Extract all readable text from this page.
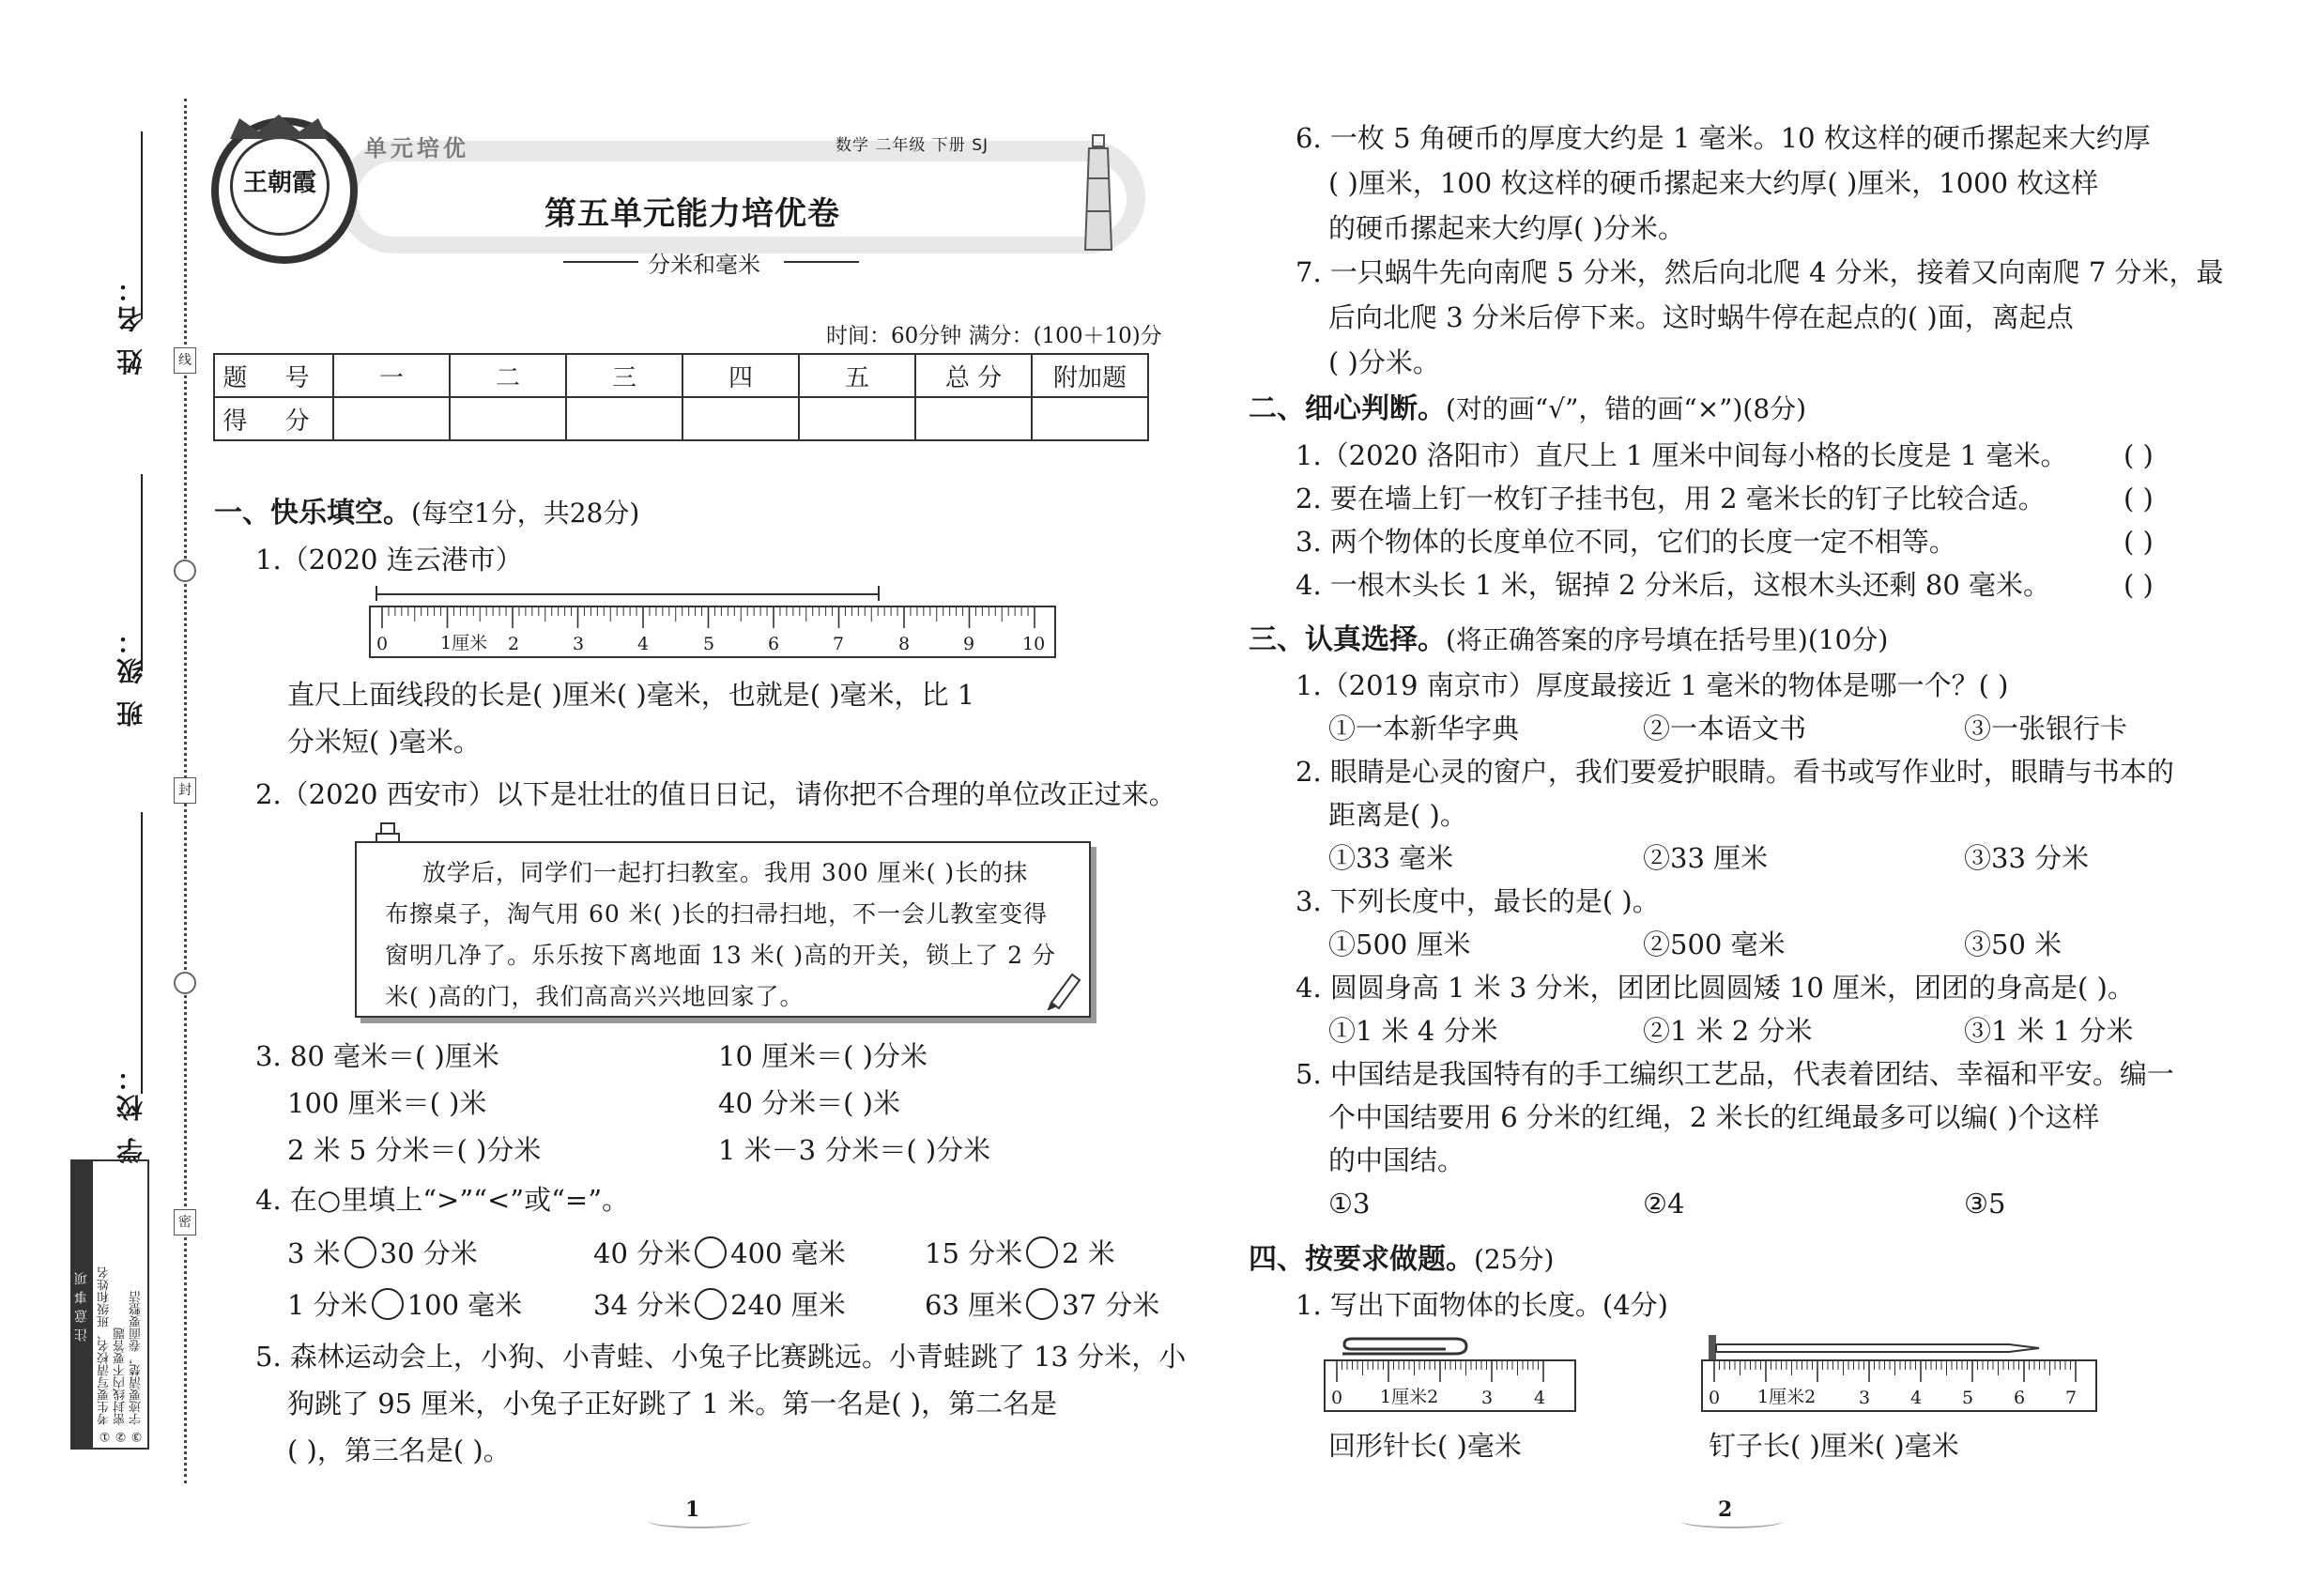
姓 名：
班 级：
学 校：
线
封
密
注意事项 ① 考生要写清校名、班级和姓名 ② 密封线内不要答题 ③ 字迹要清楚，卷面要整洁
王朝霞
单元培优	数学 二年级 下册 SJ
第五单元能力培优卷
分米和毫米
时间：60分钟 满分：(100＋10)分
题 号	一	二	三	四	五	总 分	附加题
得 分							
一、快乐填空。(每空1分，共28分)
1.（2020 连云港市）
0	1厘米 2	3	4	5	6	7	8	9	10
直尺上面线段的长是( )厘米( )毫米，也就是( )毫米，比 1
分米短( )毫米。
2.（2020 西安市）以下是壮壮的值日日记，请你把不合理的单位改正过来。
放学后，同学们一起打扫教室。我用 300 厘米( )长的抹
布擦桌子，淘气用 60 米( )长的扫帚扫地，不一会儿教室变得
窗明几净了。乐乐按下离地面 13 米( )高的开关，锁上了 2 分
米( )高的门，我们高高兴兴地回家了。
3. 80 毫米＝( )厘米	10 厘米＝( )分米
100 厘米＝( )米	40 分米＝( )米
2 米 5 分米＝( )分米	1 米－3 分米＝( )分米
4. 在○里填上“>”“<”或“=”。
3 米 30 分米	40 分米 400 毫米	15 分米 2 米
1 分米 100 毫米	34 分米 240 厘米	63 厘米 37 分米
5. 森林运动会上，小狗、小青蛙、小兔子比赛跳远。小青蛙跳了 13 分米，小
狗跳了 95 厘米，小兔子正好跳了 1 米。第一名是( )，第二名是
( )，第三名是( )。
1
6. 一枚 5 角硬币的厚度大约是 1 毫米。10 枚这样的硬币摞起来大约厚
( )厘米，100 枚这样的硬币摞起来大约厚( )厘米，1000 枚这样
的硬币摞起来大约厚( )分米。
7. 一只蜗牛先向南爬 5 分米，然后向北爬 4 分米，接着又向南爬 7 分米，最
后向北爬 3 分米后停下来。这时蜗牛停在起点的( )面，离起点
( )分米。
二、细心判断。(对的画“√”，错的画“×”)(8分)
1.（2020 洛阳市）直尺上 1 厘米中间每小格的长度是 1 毫米。 ( )
2. 要在墙上钉一枚钉子挂书包，用 2 毫米长的钉子比较合适。	( )
3. 两个物体的长度单位不同，它们的长度一定不相等。	( )
4. 一根木头长 1 米，锯掉 2 分米后，这根木头还剩 80 毫米。	( )
三、认真选择。(将正确答案的序号填在括号里)(10分)
1.（2019 南京市）厚度最接近 1 毫米的物体是哪一个？( )
①一本新华字典	②一本语文书	③一张银行卡
2. 眼睛是心灵的窗户，我们要爱护眼睛。看书或写作业时，眼睛与书本的
距离是( )。
①33 毫米	②33 厘米	③33 分米
3. 下列长度中，最长的是( )。
①500 厘米	②500 毫米	③50 米
4. 圆圆身高 1 米 3 分米，团团比圆圆矮 10 厘米，团团的身高是( )。
①1 米 4 分米	②1 米 2 分米	③1 米 1 分米
5. 中国结是我国特有的手工编织工艺品，代表着团结、幸福和平安。编一
个中国结要用 6 分米的红绳，2 米长的红绳最多可以编( )个这样
的中国结。
①3	②4	③5
四、按要求做题。(25分)
1. 写出下面物体的长度。(4分)
0 1厘米2 3 4
回形针长( )毫米
0 1厘米2 3 4 5 6 7
钉子长( )厘米( )毫米
2
